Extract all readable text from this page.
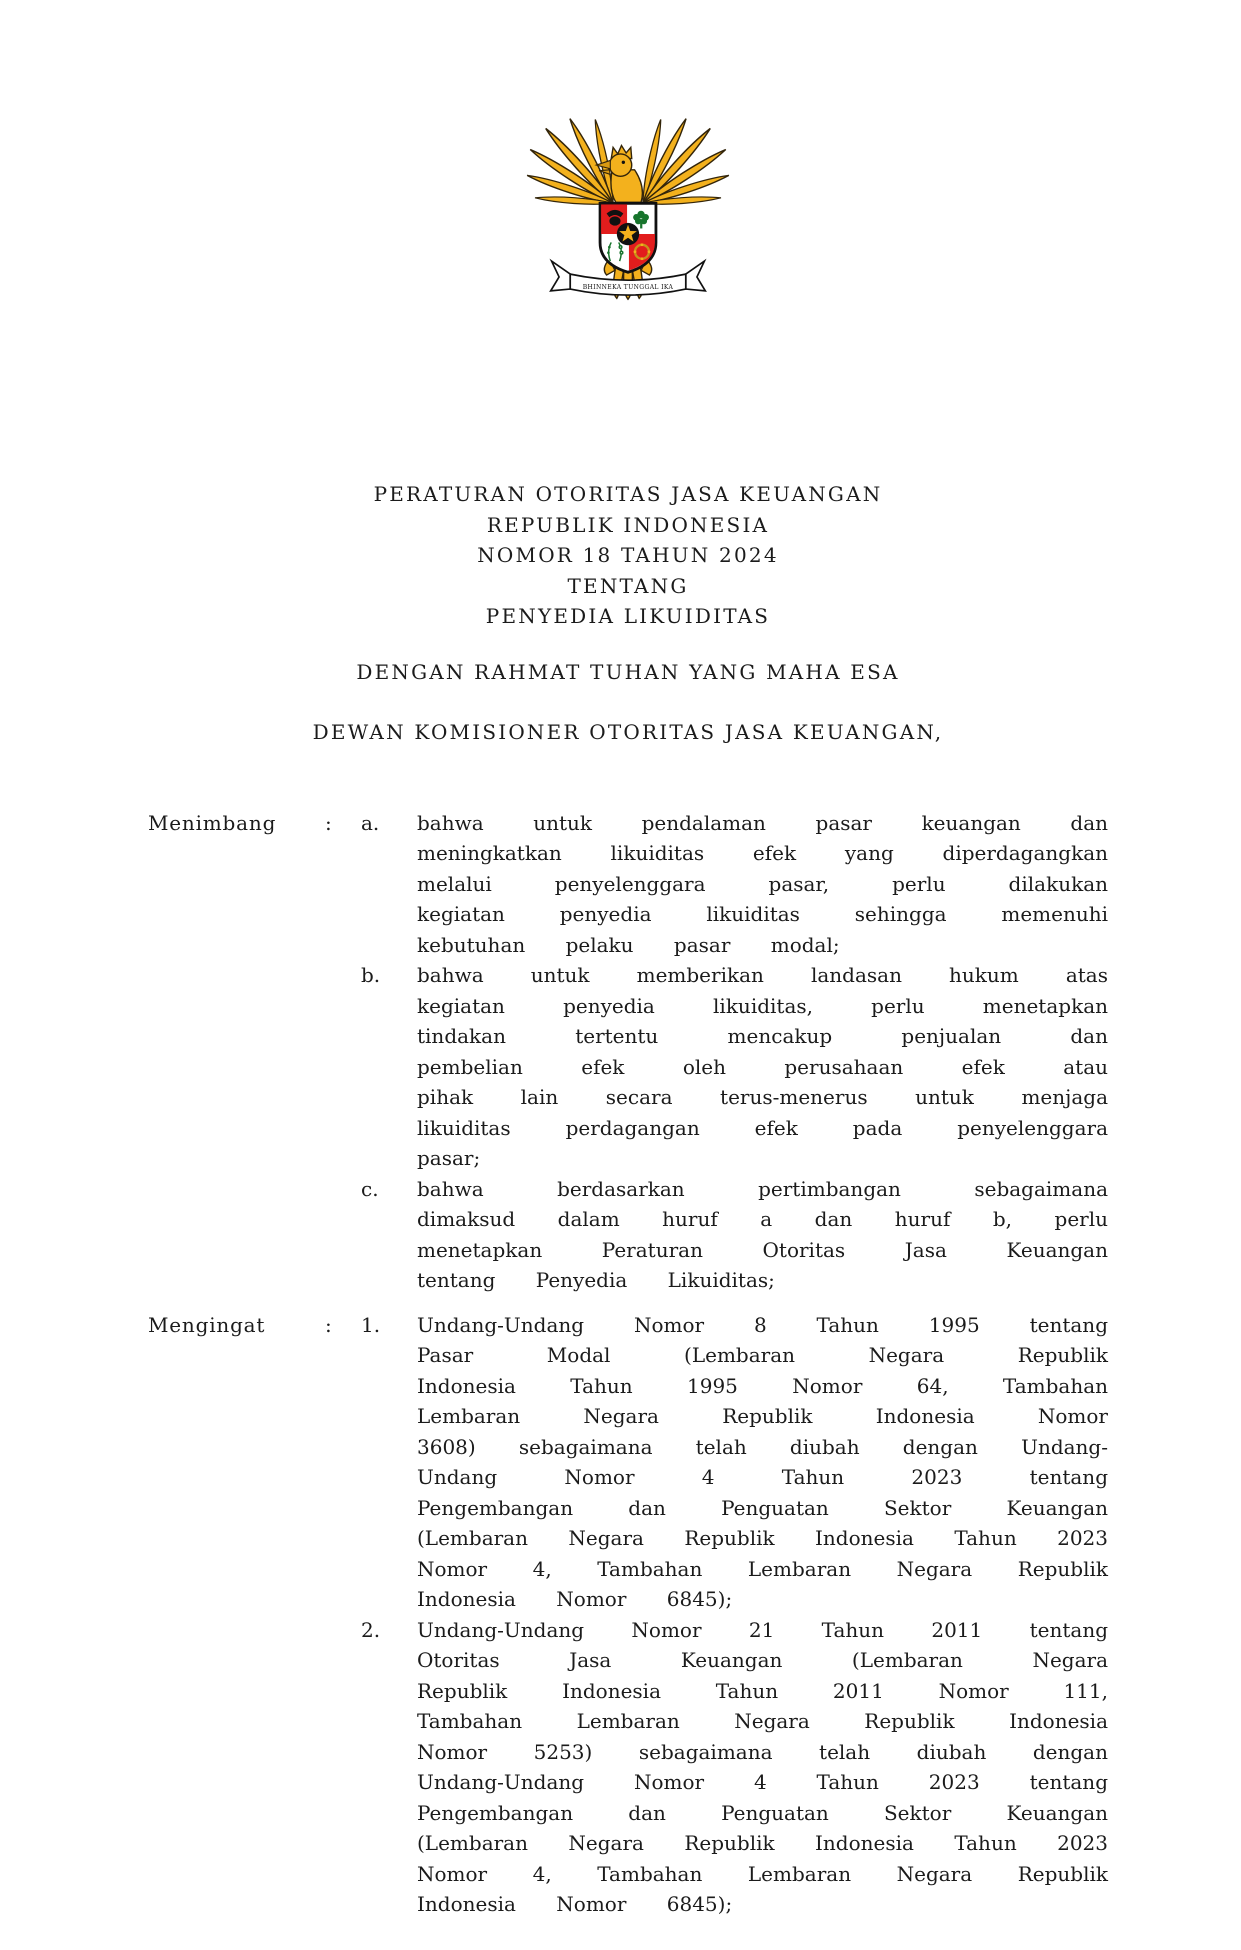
BHINNEKA TUNGGAL IKA
PERATURAN OTORITAS JASA KEUANGAN
REPUBLIK INDONESIA
NOMOR 18 TAHUN 2024
TENTANG
PENYEDIA LIKUIDITAS
DENGAN RAHMAT TUHAN YANG MAHA ESA
DEWAN KOMISIONER OTORITAS JASA KEUANGAN,
Menimbang	:	a.	bahwa untuk pendalaman pasar keuangan dan meningkatkan likuiditas efek yang diperdagangkan melalui penyelenggara pasar, perlu dilakukan kegiatan penyedia likuiditas sehingga memenuhi kebutuhan pelaku pasar modal;
b.	bahwa untuk memberikan landasan hukum atas kegiatan penyedia likuiditas, perlu menetapkan tindakan tertentu mencakup penjualan dan pembelian efek oleh perusahaan efek atau pihak lain secara terus-menerus untuk menjaga likuiditas perdagangan efek pada penyelenggara pasar;
c.	bahwa berdasarkan pertimbangan sebagaimana dimaksud dalam huruf a dan huruf b, perlu menetapkan Peraturan Otoritas Jasa Keuangan tentang Penyedia Likuiditas;
Mengingat	:	1.	Undang-Undang Nomor 8 Tahun 1995 tentang Pasar Modal (Lembaran Negara Republik Indonesia Tahun 1995 Nomor 64, Tambahan Lembaran Negara Republik Indonesia Nomor 3608) sebagaimana telah diubah dengan Undang-Undang Nomor 4 Tahun 2023 tentang Pengembangan dan Penguatan Sektor Keuangan (Lembaran Negara Republik Indonesia Tahun 2023 Nomor 4, Tambahan Lembaran Negara Republik Indonesia Nomor 6845);
2.	Undang-Undang Nomor 21 Tahun 2011 tentang Otoritas Jasa Keuangan (Lembaran Negara Republik Indonesia Tahun 2011 Nomor 111, Tambahan Lembaran Negara Republik Indonesia Nomor 5253) sebagaimana telah diubah dengan Undang-Undang Nomor 4 Tahun 2023 tentang Pengembangan dan Penguatan Sektor Keuangan (Lembaran Negara Republik Indonesia Tahun 2023 Nomor 4, Tambahan Lembaran Negara Republik Indonesia Nomor 6845);
